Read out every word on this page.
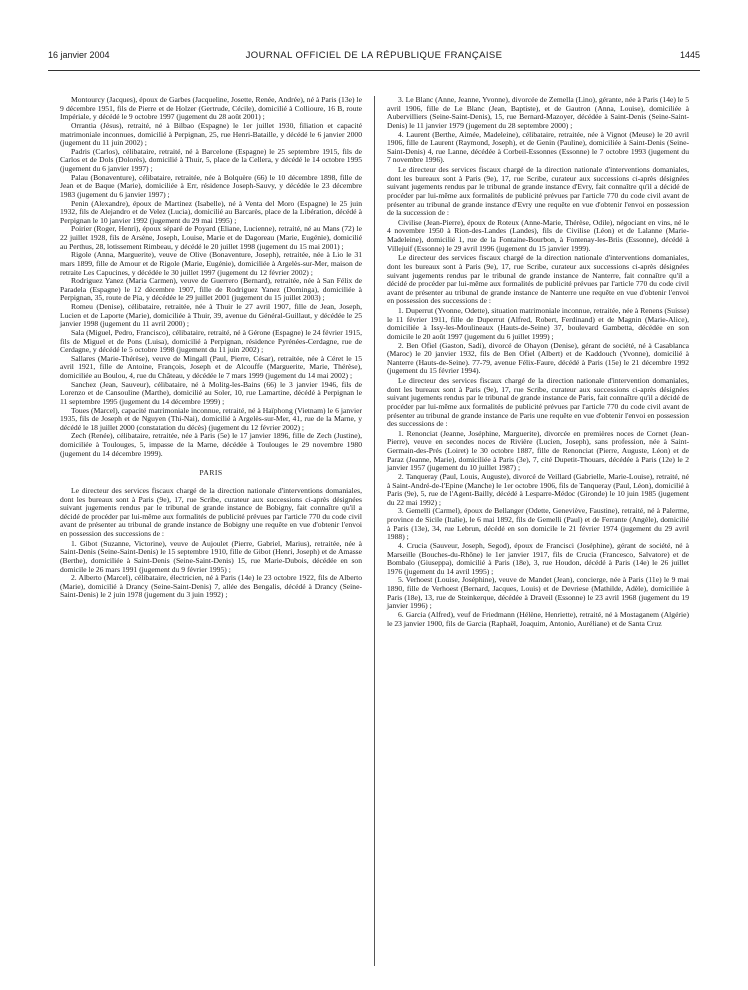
16 janvier 2004	JOURNAL OFFICIEL DE LA RÉPUBLIQUE FRANÇAISE	1445

Montourcy (Jacques), époux de Garbes (Jacqueline, Josette, Renée, Andrée), né à Paris (13e) le 9 décembre 1951, fils de Pierre et de Holzer (Gertrude, Cécile), domicilié à Collioure, 16 B, route Impériale, y décédé le 9 octobre 1997 (jugement du 28 août 2001) ;

Orrantia (Jésus), retraité, né à Bilbao (Espagne) le 1er juillet 1930, filiation et capacité matrimoniale inconnues, domicilié à Perpignan, 25, rue Henri-Bataille, y décédé le 6 janvier 2000 (jugement du 11 juin 2002) ;

Padris (Carlos), célibataire, retraité, né à Barcelone (Espagne) le 25 septembre 1915, fils de Carlos et de Dols (Dolorès), domicilié à Thuir, 5, place de la Cellera, y décédé le 14 octobre 1995 (jugement du 6 janvier 1997) ;

Palau (Bonaventure), célibataire, retraitée, née à Bolquère (66) le 10 décembre 1898, fille de Jean et de Baque (Marie), domiciliée à Err, résidence Joseph-Sauvy, y décédée le 23 décembre 1983 (jugement du 6 janvier 1997) ;

Penin (Alexandre), époux de Martinez (Isabelle), né à Venta del Moro (Espagne) le 25 juin 1932, fils de Alejandro et de Velez (Lucia), domicilié au Barcarès, place de la Libération, décédé à Perpignan le 10 janvier 1992 (jugement du 29 mai 1995) ;

Poirier (Roger, Henri), époux séparé de Poyard (Eliane, Lucienne), retraité, né au Mans (72) le 22 juillet 1928, fils de Arsène, Joseph, Louise, Marie et de Dagoreau (Marie, Eugénie), domicilié au Perthus, 28, lotissement Rimbeau, y décédé le 20 juillet 1998 (jugement du 15 mai 2001) ;

Rigole (Anna, Marguerite), veuve de Olive (Bonaventure, Joseph), retraitée, née à Lio le 31 mars 1899, fille de Amour et de Rigole (Marie, Eugénie), domiciliée à Argelès-sur-Mer, maison de retraite Les Capucines, y décédée le 30 juillet 1997 (jugement du 12 février 2002) ;

Rodriguez Yanez (Maria Carmen), veuve de Guerrero (Bernard), retraitée, née à San Félix de Paradela (Espagne) le 12 décembre 1907, fille de Rodriguez Yanez (Dominga), domiciliée à Perpignan, 35, route de Pia, y décédée le 29 juillet 2001 (jugement du 15 juillet 2003) ;

Romeu (Denise), célibataire, retraitée, née à Thuir le 27 avril 1907, fille de Jean, Joseph, Lucien et de Laporte (Marie), domiciliée à Thuir, 39, avenue du Général-Guillaut, y décédée le 25 janvier 1998 (jugement du 11 avril 2000) ;

Sala (Miguel, Pedro, Francisco), célibataire, retraité, né à Gérone (Espagne) le 24 février 1915, fils de Miguel et de Pons (Luisa), domicilié à Perpignan, résidence Pyrénées-Cerdagne, rue de Cerdagne, y décédé le 5 octobre 1998 (jugement du 11 juin 2002) ;

Sallares (Marie-Thérèse), veuve de Mingall (Paul, Pierre, César), retraitée, née à Céret le 15 avril 1921, fille de Antoine, François, Joseph et de Alcouffe (Marguerite, Marie, Thérèse), domiciliée au Boulou, 4, rue du Château, y décédée le 7 mars 1999 (jugement du 14 mai 2002) ;

Sanchez (Jean, Sauveur), célibataire, né à Molitg-les-Bains (66) le 3 janvier 1946, fils de Lorenzo et de Cansouline (Marthe), domicilié au Soler, 10, rue Lamartine, décédé à Perpignan le 11 septembre 1995 (jugement du 14 décembre 1999) ;

Toues (Marcel), capacité matrimoniale inconnue, retraité, né à Haïphong (Vietnam) le 6 janvier 1935, fils de Joseph et de Nguyen (Thi-Nai), domicilié à Argelès-sur-Mer, 41, rue de la Marne, y décédé le 18 juillet 2000 (constatation du décès) (jugement du 12 février 2002) ;

Zech (Renée), célibataire, retraitée, née à Paris (5e) le 17 janvier 1896, fille de Zech (Justine), domiciliée à Toulouges, 5, impasse de la Marne, décédée à Toulouges le 29 novembre 1980 (jugement du 14 décembre 1999).

PARIS

Le directeur des services fiscaux chargé de la direction nationale d'interventions domaniales, dont les bureaux sont à Paris (9e), 17, rue Scribe, curateur aux successions ci-après désignées suivant jugements rendus par le tribunal de grande instance de Bobigny, fait connaître qu'il a décidé de procéder par lui-même aux formalités de publicité prévues par l'article 770 du code civil avant de présenter au tribunal de grande instance de Bobigny une requête en vue d'obtenir l'envoi en possession des successions de :

1. Gibot (Suzanne, Victorine), veuve de Aujoulet (Pierre, Gabriel, Marius), retraitée, née à Saint-Denis (Seine-Saint-Denis) le 15 septembre 1910, fille de Gibot (Henri, Joseph) et de Amasse (Berthe), domiciliée à Saint-Denis (Seine-Saint-Denis) 15, rue Marie-Dubois, décédée en son domicile le 26 mars 1991 (jugement du 9 février 1995) ;

2. Alberto (Marcel), célibataire, électricien, né à Paris (14e) le 23 octobre 1922, fils de Alberto (Marie), domicilié à Drancy (Seine-Saint-Denis) 7, allée des Bengalis, décédé à Drancy (Seine-Saint-Denis) le 2 juin 1978 (jugement du 3 juin 1992) ;

3. Le Blanc (Anne, Jeanne, Yvonne), divorcée de Zemella (Lino), gérante, née à Paris (14e) le 5 avril 1906, fille de Le Blanc (Jean, Baptiste), et de Gautron (Anna, Louise), domiciliée à Aubervilliers (Seine-Saint-Denis), 15, rue Bernard-Mazoyer, décédée à Saint-Denis (Seine-Saint-Denis) le 11 janvier 1979 (jugement du 28 septembre 2000) ;

4. Laurent (Berthe, Aimée, Madeleine), célibataire, retraitée, née à Vignot (Meuse) le 20 avril 1906, fille de Laurent (Raymond, Joseph), et de Genin (Pauline), domiciliée à Saint-Denis (Seine-Saint-Denis) 4, rue Lanne, décédée à Corbeil-Essonnes (Essonne) le 7 octobre 1993 (jugement du 7 novembre 1996).

Le directeur des services fiscaux chargé de la direction nationale d'interventions domaniales, dont les bureaux sont à Paris (9e), 17, rue Scribe, curateur aux successions ci-après désignées suivant jugements rendus par le tribunal de grande instance d'Evry, fait connaître qu'il a décidé de procéder par lui-même aux formalités de publicité prévues par l'article 770 du code civil avant de présenter au tribunal de grande instance d'Evry une requête en vue d'obtenir l'envoi en possession de la succession de :

Civilise (Jean-Pierre), époux de Roteux (Anne-Marie, Thérèse, Odile), négociant en vins, né le 4 novembre 1950 à Rion-des-Landes (Landes), fils de Civilise (Léon) et de Lalanne (Marie-Madeleine), domicilié 1, rue de la Fontaine-Bourbon, à Fontenay-les-Briis (Essonne), décédé à Villejuif (Essonne) le 29 avril 1996 (jugement du 15 janvier 1999).

Le directeur des services fiscaux chargé de la direction nationale d'interventions domaniales, dont les bureaux sont à Paris (9e), 17, rue Scribe, curateur aux successions ci-après désignées suivant jugements rendus par le tribunal de grande instance de Nanterre, fait connaître qu'il a décidé de procéder par lui-même aux formalités de publicité prévues par l'article 770 du code civil avant de présenter au tribunal de grande instance de Nanterre une requête en vue d'obtenir l'envoi en possession des successions de :

1. Duperrut (Yvonne, Odette), situation matrimoniale inconnue, retraitée, née à Renens (Suisse) le 11 février 1911, fille de Duperrut (Alfred, Robert, Ferdinand) et de Magnin (Marie-Alice), domiciliée à Issy-les-Moulineaux (Hauts-de-Seine) 37, boulevard Gambetta, décédée en son domicile le 20 août 1997 (jugement du 6 juillet 1999) ;

2. Ben Ofiel (Gaston, Sadi), divorcé de Ohayon (Denise), gérant de société, né à Casablanca (Maroc) le 20 janvier 1932, fils de Ben Ofiel (Albert) et de Kaddouch (Yvonne), domicilié à Nanterre (Hauts-de-Seine). 77-79, avenue Félix-Faure, décédé à Paris (15e) le 21 décembre 1992 (jugement du 15 février 1994).

Le directeur des services fiscaux chargé de la direction nationale d'intervention domaniales, dont les bureaux sont à Paris (9e), 17, rue Scribe, curateur aux successions ci-après désignées suivant jugements rendus par le tribunal de grande instance de Paris, fait connaître qu'il a décidé de procéder par lui-même aux formalités de publicité prévues par l'article 770 du code civil avant de présenter au tribunal de grande instance de Paris une requête en vue d'obtenir l'envoi en possession des successions de :

1. Renonciat (Jeanne, Joséphine, Marguerite), divorcée en premières noces de Cornet (Jean-Pierre), veuve en secondes noces de Rivière (Lucien, Joseph), sans profession, née à Saint-Germain-des-Prés (Loiret) le 30 octobre 1887, fille de Renonciat (Pierre, Auguste, Léon) et de Paraz (Jeanne, Marie), domiciliée à Paris (3e), 7, cité Dupetit-Thouars, décédée à Paris (12e) le 2 janvier 1957 (jugement du 10 juillet 1987) ;

2. Tanqueray (Paul, Louis, Auguste), divorcé de Veillard (Gabrielle, Marie-Louise), retraité, né à Saint-André-de-l'Epine (Manche) le 1er octobre 1906, fils de Tanqueray (Paul, Léon), domicilié à Paris (9e), 5, rue de l'Agent-Bailly, décédé à Lesparre-Médoc (Gironde) le 10 juin 1985 (jugement du 22 mai 1992) ;

3. Gemelli (Carmel), époux de Bellanger (Odette, Geneviève, Faustine), retraité, né à Palerme, province de Sicile (Italie), le 6 mai 1892, fils de Gemelli (Paul) et de Ferrante (Angèle), domicilié à Paris (13e), 34, rue Lebrun, décédé en son domicile le 21 février 1974 (jugement du 29 avril 1988) ;

4. Crucia (Sauveur, Joseph, Segod), époux de Francisci (Joséphine), gérant de société, né à Marseille (Bouches-du-Rhône) le 1er janvier 1917, fils de Crucia (Francesco, Salvatore) et de Bombalo (Giuseppa), domicilié à Paris (18e), 3, rue Houdon, décédé à Paris (14e) le 26 juillet 1976 (jugement du 14 avril 1995) ;

5. Verhoest (Louise, Joséphine), veuve de Mandet (Jean), concierge, née à Paris (11e) le 9 mai 1890, fille de Verhoest (Bernard, Jacques, Louis) et de Devriese (Mathilde, Adèle), domiciliée à Paris (18e), 13, rue de Steinkerque, décédée à Draveil (Essonne) le 23 avril 1968 (jugement du 19 janvier 1996) ;

6. Garcia (Alfred), veuf de Friedmann (Hélène, Henriette), retraité, né à Mostaganem (Algérie) le 23 janvier 1900, fils de Garcia (Raphaël, Joaquim, Antonio, Auréliane) et de Santa Cruz
